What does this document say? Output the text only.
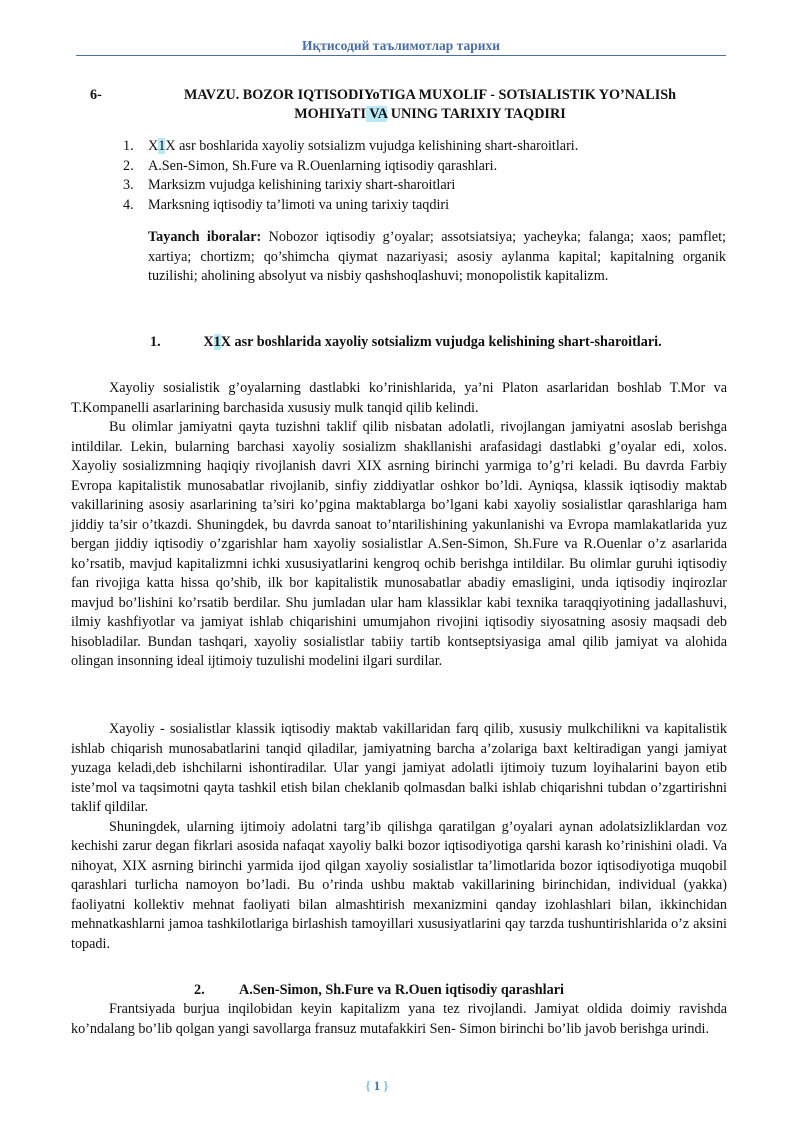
Иқтисодий таълимотлар тарихи
6-	MAVZU. BOZOR IQTISODIYoTIGA MUXOLIF - SOTsIALISTIK YO’NALISh
MOHIYaTI VA UNING TARIXIY TAQDIRI
1. X1X asr boshlarida xayoliy sotsializm vujudga kelishining shart-sharoitlari.
2. A.Sen-Simon, Sh.Fure va R.Ouenlarning iqtisodiy qarashlari.
3. Marksizm vujudga kelishining tarixiy shart-sharoitlari
4. Marksning iqtisodiy ta’limoti va uning tarixiy taqdiri
Tayanch iboralar: Nobozor iqtisodiy g’oyalar; assotsiatsiya; yacheyka; falanga; xaos; pamflet; xartiya; chortizm; qo’shimcha qiymat nazariyasi; asosiy aylanma kapital; kapitalning organik tuzilishi; aholining absolyut va nisbiy qashshoqlashuvi; monopolistik kapitalizm.
1.	X1X asr boshlarida xayoliy sotsializm vujudga kelishining shart-sharoitlari.

Xayoliy sosialistik g’oyalarning dastlabki ko’rinishlarida, ya’ni Platon asarlaridan boshlab T.Mor va T.Kompanelli asarlarining barchasida xususiy mulk tanqid qilib kelindi.

Bu olimlar jamiyatni qayta tuzishni taklif qilib nisbatan adolatli, rivojlangan jamiyatni asoslab berishga intildilar. Lekin, bularning barchasi xayoliy sosializm shakllanishi arafasidagi dastlabki g’oyalar edi, xolos. Xayoliy sosializmning haqiqiy rivojlanish davri XIX asrning birinchi yarmiga to’g’ri keladi. Bu davrda Farbiy Evropa kapitalistik munosabatlar rivojlanib, sinfiy ziddiyatlar oshkor bo’ldi. Ayniqsa, klassik iqtisodiy maktab vakillarining asosiy asarlarining ta’siri ko’pgina maktablarga bo’lgani kabi xayoliy sosialistlar qarashlariga ham jiddiy ta’sir o’tkazdi. Shuningdek, bu davrda sanoat to’ntarilishining yakunlanishi va Evropa mamlakatlarida yuz bergan jiddiy iqtisodiy o’zgarishlar ham xayoliy sosialistlar A.Sen-Simon, Sh.Fure va R.Ouenlar o’z asarlarida ko’rsatib, mavjud kapitalizmni ichki xususiyatlarini kengroq ochib berishga intildilar. Bu olimlar guruhi iqtisodiy fan rivojiga katta hissa qo’shib, ilk bor kapitalistik munosabatlar abadiy emasligini, unda iqtisodiy inqirozlar mavjud bo’lishini ko’rsatib berdilar. Shu jumladan ular ham klassiklar kabi texnika taraqqiyotining jadallashuvi, ilmiy kashfiyotlar va jamiyat ishlab chiqarishini umumjahon rivojini iqtisodiy siyosatning asosiy maqsadi deb hisobladilar. Bundan tashqari, xayoliy sosialistlar tabiiy tartib kontseptsiyasiga amal qilib jamiyat va alohida olingan insonning ideal ijtimoiy tuzulishi modelini ilgari surdilar.

Xayoliy - sosialistlar klassik iqtisodiy maktab vakillaridan farq qilib, xususiy mulkchilikni va kapitalistik ishlab chiqarish munosabatlarini tanqid qiladilar, jamiyatning barcha a’zolariga baxt keltiradigan yangi jamiyat yuzaga keladi,deb ishchilarni ishontiradilar. Ular yangi jamiyat adolatli ijtimoiy tuzum loyihalarini bayon etib iste’mol va taqsimotni qayta tashkil etish bilan cheklanib qolmasdan balki ishlab chiqarishni tubdan o’zgartirishni taklif qildilar.

Shuningdek, ularning ijtimoiy adolatni targ’ib qilishga qaratilgan g’oyalari aynan adolatsizliklardan voz kechishi zarur degan fikrlari asosida nafaqat xayoliy balki bozor iqtisodiyotiga qarshi karash ko’rinishini oladi. Va nihoyat, XIX asrning birinchi yarmida ijod qilgan xayoliy sosialistlar ta’limotlarida bozor iqtisodiyotiga muqobil qarashlari turlicha namoyon bo’ladi. Bu o’rinda ushbu maktab vakillarining birinchidan, individual (yakka) faoliyatni kollektiv mehnat faoliyati bilan almashtirish mexanizmini qanday izohlashlari bilan, ikkinchidan mehnatkashlarni jamoa tashkilotlariga birlashish tamoyillari xususiyatlarini qay tarzda tushuntirishlarida o’z aksini topadi.

2. A.Sen-Simon, Sh.Fure va R.Ouen iqtisodiy qarashlari

Frantsiyada burjua inqilobidan keyin kapitalizm yana tez rivojlandi. Jamiyat oldida doimiy ravishda ko’ndalang bo’lib qolgan yangi savollarga fransuz mutafakkiri Sen- Simon birinchi bo’lib javob berishga urindi.

{ 1 }
